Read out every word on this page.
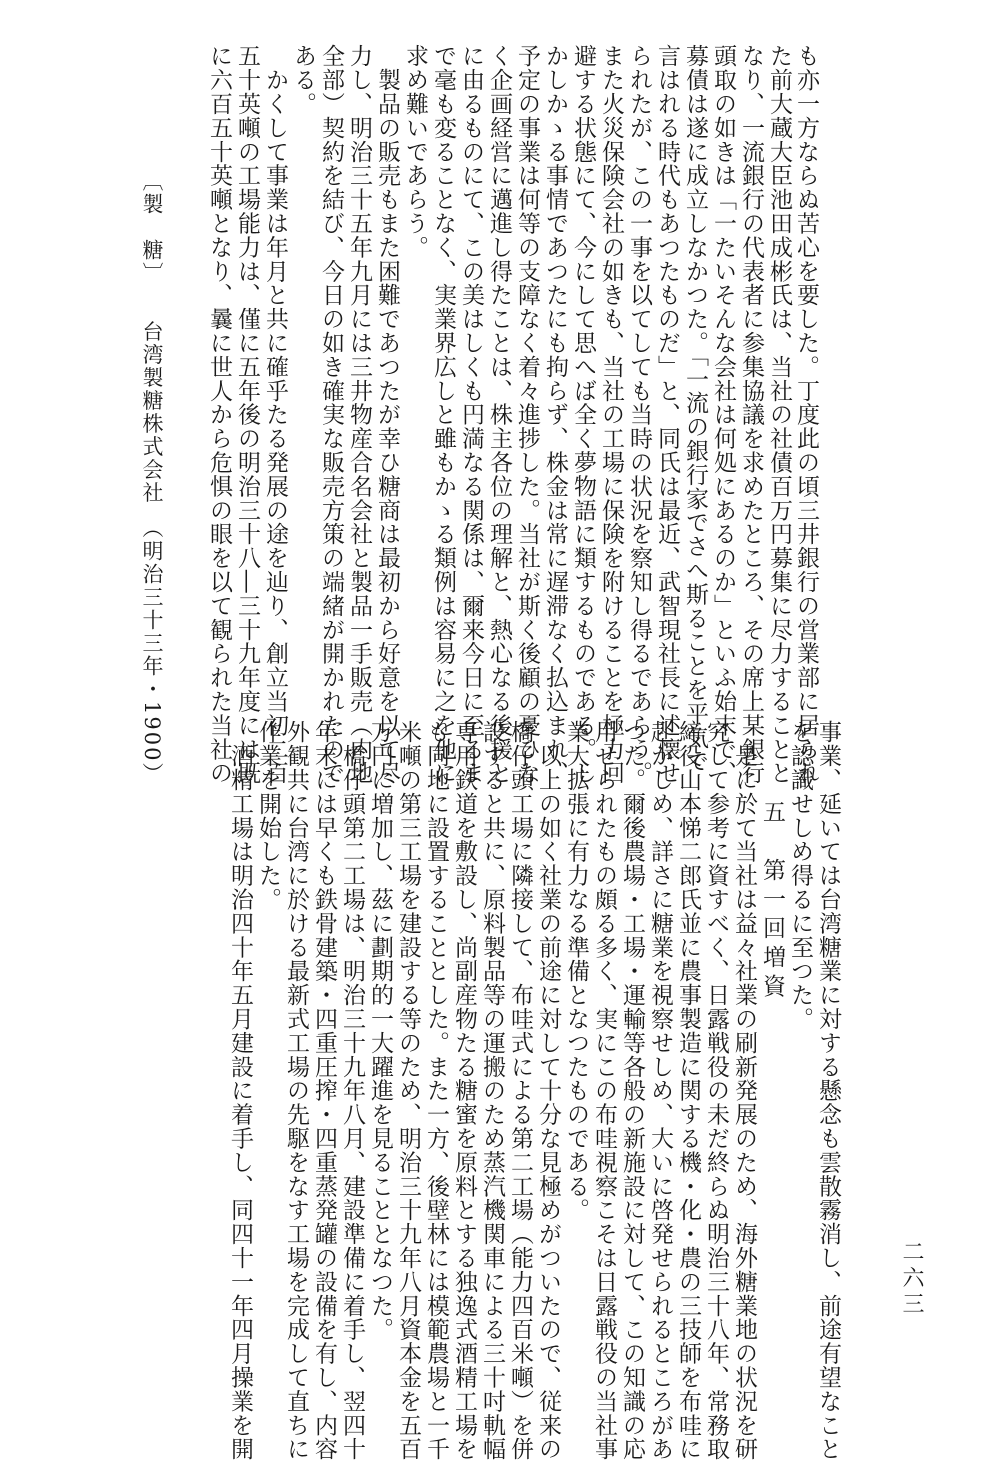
も亦一方ならぬ苦心を要した。丁度此の頃三井銀行の営業部に居られ
た前大蔵大臣池田成彬氏は、当社の社債百万円募集に尽力することと
なり、一流銀行の代表者に参集協議を求めたところ、その席上某銀行
頭取の如きは「一たいそんな会社は何処にあるのか」といふ始末で、
募債は遂に成立しなかつた。「一流の銀行家でさへ斯ることを平気で
言はれる時代もあつたものだ」と、同氏は最近、武智現社長に述懐せ
られたが、この一事を以てしても当時の状況を察知し得るであらう。
また火災保険会社の如きも、当社の工場に保険を附けることを極力回
避する状態にて、今にして思へば全く夢物語に類するものである。し
かしかゝる事情であつたにも拘らず、株金は常に遅滞なく払込まれ、
予定の事業は何等の支障なく着々進捗した。当社が斯く後顧の憂ひな
く企画経営に邁進し得たことは、株主各位の理解と、熱心なる後援と
に由るものにて、この美はしくも円満なる関係は、爾来今日に至るま
で毫も変ることなく、実業界広しと雖もかゝる類例は容易に之を他に
求め難いであらう。
　製品の販売もまた困難であつたが幸ひ糖商は最初から好意を以て尽
力し、明治三十五年九月には三井物産合名会社と製品一手販売（内地
全部）契約を結び、今日の如き確実な販売方策の端緒が開かれたので
ある。
　かくして事業は年月と共に確乎たる発展の途を辿り、創立当初二百
五十英噸の工場能力は、僅に五年後の明治三十八―三十九年度には既
に六百五十英噸となり、曩に世人から危惧の眼を以て観られた当社の
事業、延いては台湾糖業に対する懸念も雲散霧消し、前途有望なこと
を認識せしめ得るに至つた。
五　第一回増資
　是に於て当社は益々社業の刷新発展のため、海外糖業地の状況を研
究して参考に資すべく、日露戦役の未だ終らぬ明治三十八年、常務取
締役山本悌二郎氏並に農事製造に関する機・化・農の三技師を布哇に
赴かしめ、詳さに糖業を視察せしめ、大いに啓発せられるところがあ
つた。爾後農場・工場・運輸等各般の新施設に対して、この知識の応
用せられたもの頗る多く、実にこの布哇視察こそは日露戦役の当社事
業大拡張に有力なる準備となつたものである。
　以上の如く社業の前途に対して十分な見極めがついたので、従来の
橋仔頭工場に隣接して、布哇式による第二工場（能力四百米噸）を併
設すると共に、原料製品等の運搬のため蒸汽機関車による三十吋軌幅
専用鉄道を敷設し、尚副産物たる糖蜜を原料とする独逸式酒精工場を
も同地に設置することとした。また一方、後壁林には模範農場と一千
米噸の第三工場を建設する等のため、明治三十九年八月資本金を五百
万円に増加し、茲に劃期的一大躍進を見ることとなつた。
　橋仔頭第二工場は、明治三十九年八月、建設準備に着手し、翌四十
年末には早くも鉄骨建築・四重圧搾・四重蒸発罐の設備を有し、内容
外観共に台湾に於ける最新式工場の先駆をなす工場を完成して直ちに
作業を開始した。
　酒精工場は明治四十年五月建設に着手し、同四十一年四月操業を開
〔製　糖〕　　台湾製糖株式会社　（明治三十三年・1900）
二六三
